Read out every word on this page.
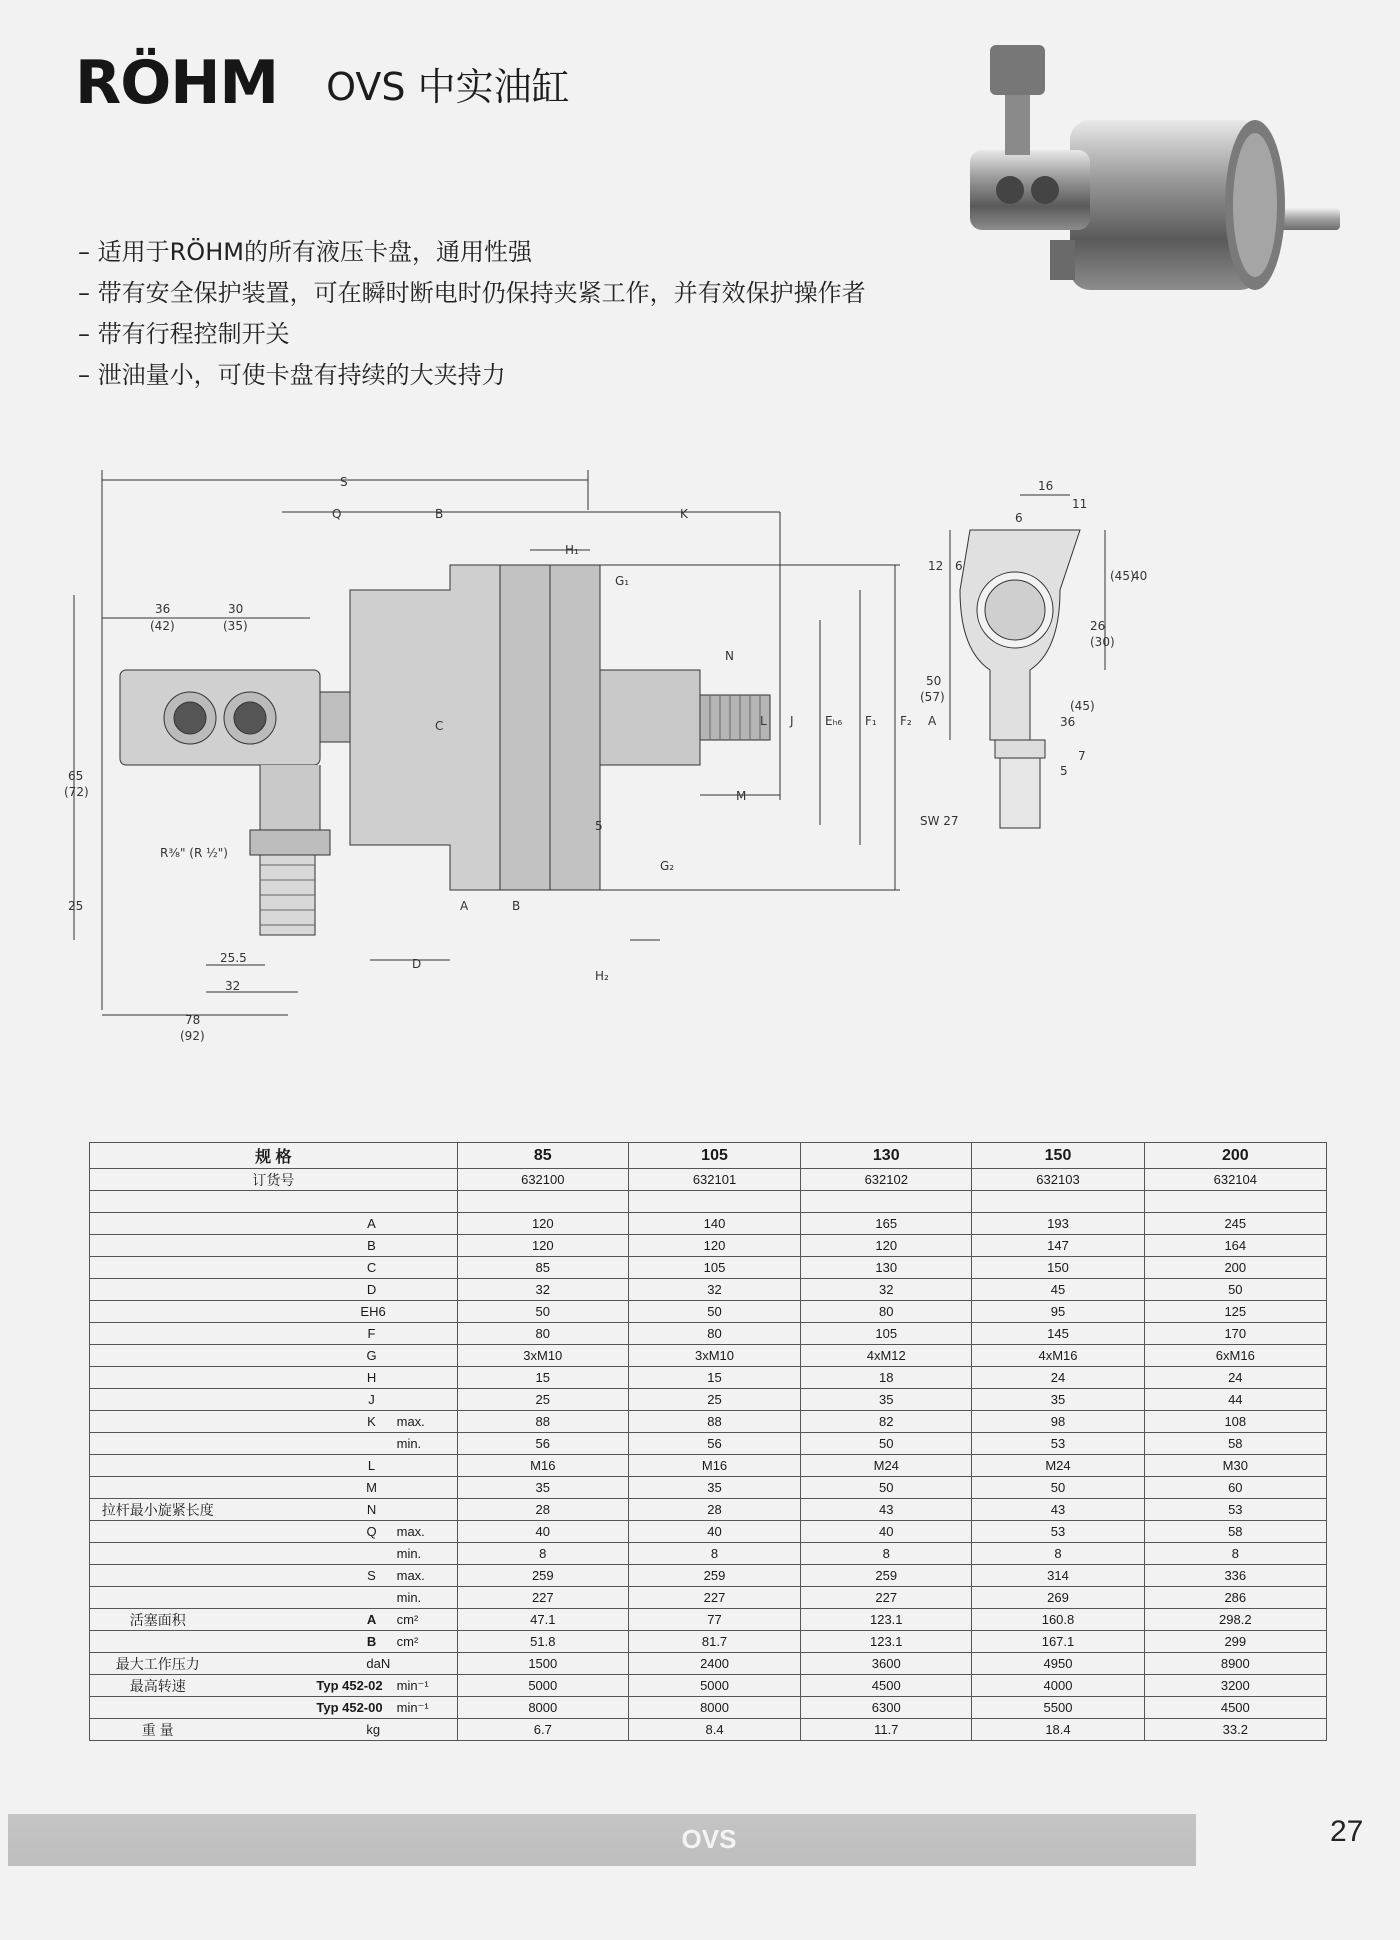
RÖHM OVS 中实油缸
– 适用于RÖHM的所有液压卡盘，通用性强
– 带有安全保护装置，可在瞬时断电时仍保持夹紧工作，并有效保护操作者
– 带有行程控制开关
– 泄油量小，可使卡盘有持续的大夹持力
S
Q	B	K
H₁
G₁
N
J
L	Eₕ₆ F₁ F₂ A
C
M
G₂
H₂
D
A	B
5
36
(42)
30
(35)
65
(72)
25
25.5
32
78
(92)
R³⁄₈" (R ½")
16
11
6
12 6
(45)
40
26
(30)
50
(57)
(45)
36
7
5
SW 27
规 格				85	105	130	150	200
订货号				632100	632101	632102	632103	632104

		A		120	140	165	193	245
		B		120	120	120	147	164
		C		85	105	130	150	200
		D		32	32	32	45	50
		EH6		50	50	80	95	125
		F		80	80	105	145	170
		G		3xM10	3xM10	4xM12	4xM16	6xM16
		H		15	15	18	24	24
		J		25	25	35	35	44
		K	max.	88	88	82	98	108
			min.	56	56	50	53	58
		L		M16	M16	M24	M24	M30
		M		35	35	50	50	60
拉杆最小旋紧长度		N		28	28	43	43	53
		Q	max.	40	40	40	53	58
			min.	8	8	8	8	8
		S	max.	259	259	259	314	336
			min.	227	227	227	269	286
活塞面积		A	cm²	47.1	77	123.1	160.8	298.2
		B	cm²	51.8	81.7	123.1	167.1	299
最大工作压力		daN		1500	2400	3600	4950	8900
最高转速	Typ 452-02		min⁻¹	5000	5000	4500	4000	3200
	Typ 452-00		min⁻¹	8000	8000	6300	5500	4500
重 量		kg		6.7	8.4	11.7	18.4	33.2
OVS	27
